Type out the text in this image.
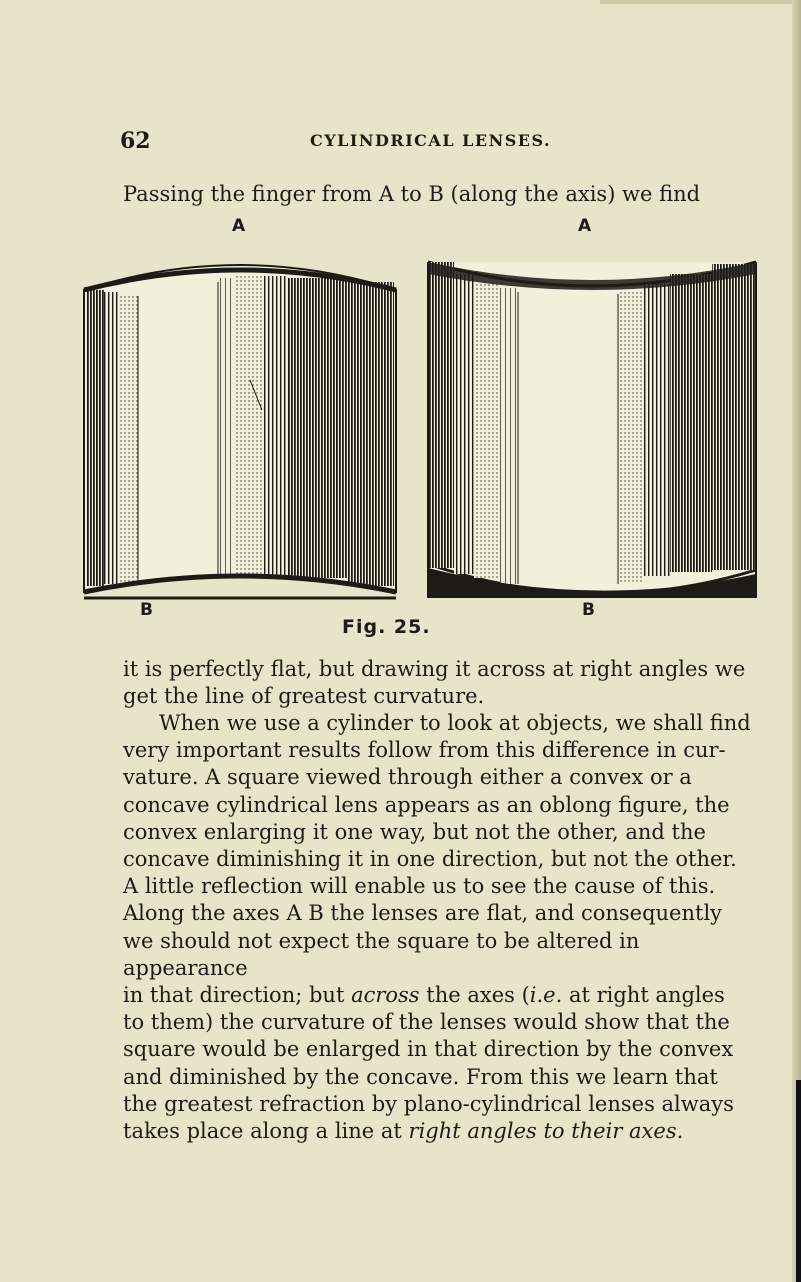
62	CYLINDRICAL LENSES.
Passing the finger from A to B (along the axis) we find
A	A
B	B
Fig. 25.
it is perfectly flat, but drawing it across at right angles we
get the line of greatest curvature.
When we use a cylinder to look at objects, we shall find
very important results follow from this difference in cur-
vature. A square viewed through either a convex or a
concave cylindrical lens appears as an oblong figure, the
convex enlarging it one way, but not the other, and the
concave diminishing it in one direction, but not the other.
A little reflection will enable us to see the cause of this.
Along the axes A B the lenses are flat, and consequently
we should not expect the square to be altered in appearance
in that direction; but across the axes (i.e. at right angles
to them) the curvature of the lenses would show that the
square would be enlarged in that direction by the convex
and diminished by the concave. From this we learn that
the greatest refraction by plano-cylindrical lenses always
takes place along a line at right angles to their axes.
